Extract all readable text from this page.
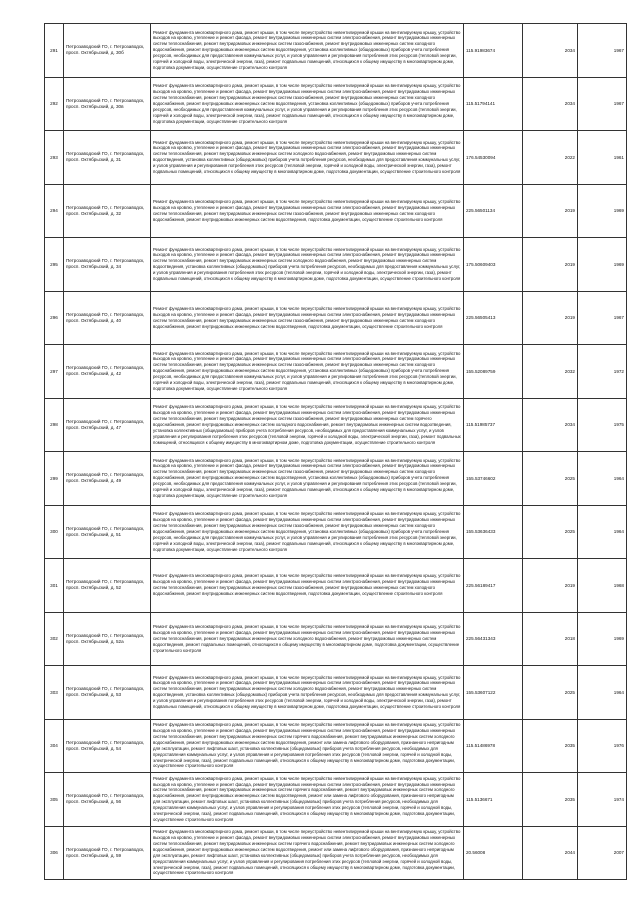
291	Петрозаводский ГО, г. Петрозаводск, просп. Октябрьский, д. 30б	Ремонт фундамента многоквартирного дома, ремонт крыши, в том числе переустройство невентилируемой крыши на вентилируемую крышу, устройство выходов на кровлю, утепление и ремонт фасада, ремонт внутридомовых инженерных систем электроснабжения, ремонт внутридомовых инженерных систем теплоснабжения, ремонт внутридомовых инженерных систем газоснабжения, ремонт внутридомовых инженерных систем холодного водоснабжения, ремонт внутридомовых инженерных систем водоотведения, установка коллективных (общедомовых) приборов учета потребления ресурсов, необходимых для предоставления коммунальных услуг, и узлов управления и регулирования потребления этих ресурсов (тепловой энергии, горячей и холодной воды, электрической энергии, газа), ремонт подвальных помещений, относящихся к общему имуществу в многоквартирном доме, подготовка документации, осуществление строительного контроля	115.91983674	2034	1967
292	Петрозаводский ГО, г. Петрозаводск, просп. Октябрьский, д. 30в	Ремонт фундамента многоквартирного дома, ремонт крыши, в том числе переустройство невентилируемой крыши на вентилируемую крышу, устройство выходов на кровлю, утепление и ремонт фасада, ремонт внутридомовых инженерных систем электроснабжения, ремонт внутридомовых инженерных систем теплоснабжения, ремонт внутридомовых инженерных систем газоснабжения, ремонт внутридомовых инженерных систем холодного водоснабжения, ремонт внутридомовых инженерных систем водоотведения, установка коллективных (общедомовых) приборов учета потребления ресурсов, необходимых для предоставления коммунальных услуг, и узлов управления и регулирования потребления этих ресурсов (тепловой энергии, горячей и холодной воды, электрической энергии, газа), ремонт подвальных помещений, относящихся к общему имуществу в многоквартирном доме, подготовка документации, осуществление строительного контроля	115.51794141	2034	1967
293	Петрозаводский ГО, г. Петрозаводск, просп. Октябрьский, д. 31	Ремонт фундамента многоквартирного дома, ремонт крыши, в том числе переустройство невентилируемой крыши на вентилируемую крышу, устройство выходов на кровлю, утепление и ремонт фасада, ремонт внутридомовых инженерных систем электроснабжения, ремонт внутридомовых инженерных систем теплоснабжения, ремонт внутридомовых инженерных систем холодного водоснабжения, ремонт внутридомовых инженерных систем водоотведения, установка коллективных (общедомовых) приборов учета потребления ресурсов, необходимых для предоставления коммунальных услуг, и узлов управления и регулирования потребления этих ресурсов (тепловой энергии, горячей и холодной воды, электрической энергии, газа), ремонт подвальных помещений, относящихся к общему имуществу в многоквартирном доме, подготовка документации, осуществление строительного контроля	176.54530094	2022	1961
294	Петрозаводский ГО, г. Петрозаводск, просп. Октябрьский, д. 32	Ремонт фундамента многоквартирного дома, ремонт крыши, в том числе переустройство невентилируемой крыши на вентилируемую крышу, устройство выходов на кровлю, утепление и ремонт фасада, ремонт внутридомовых инженерных систем электроснабжения, ремонт внутридомовых инженерных систем теплоснабжения, ремонт внутридомовых инженерных систем газоснабжения, ремонт внутридомовых инженерных систем холодного водоснабжения, ремонт внутридомовых инженерных систем водоотведения, подготовка документации, осуществление строительного контроля	225.56501134	2019	1969
295	Петрозаводский ГО, г. Петрозаводск, просп. Октябрьский, д. 34	Ремонт фундамента многоквартирного дома, ремонт крыши, в том числе переустройство невентилируемой крыши на вентилируемую крышу, устройство выходов на кровлю, утепление и ремонт фасада, ремонт внутридомовых инженерных систем электроснабжения, ремонт внутридомовых инженерных систем теплоснабжения, ремонт внутридомовых инженерных систем холодного водоснабжения, ремонт внутридомовых инженерных систем водоотведения, установка коллективных (общедомовых) приборов учета потребления ресурсов, необходимых для предоставления коммунальных услуг, и узлов управления и регулирования потребления этих ресурсов (тепловой энергии, горячей и холодной воды, электрической энергии, газа), ремонт подвальных помещений, относящихся к общему имуществу в многоквартирном доме, подготовка документации, осуществление строительного контроля	175.50609403	2019	1969
296	Петрозаводский ГО, г. Петрозаводск, просп. Октябрьский, д. 40	Ремонт фундамента многоквартирного дома, ремонт крыши, в том числе переустройство невентилируемой крыши на вентилируемую крышу, устройство выходов на кровлю, утепление и ремонт фасада, ремонт внутридомовых инженерных систем электроснабжения, ремонт внутридомовых инженерных систем теплоснабжения, ремонт внутридомовых инженерных систем газоснабжения, ремонт внутридомовых инженерных систем холодного водоснабжения, ремонт внутридомовых инженерных систем водоотведения, подготовка документации, осуществление строительного контроля	225.56505413	2019	1967
297	Петрозаводский ГО, г. Петрозаводск, просп. Октябрьский, д. 42	Ремонт фундамента многоквартирного дома, ремонт крыши, в том числе переустройство невентилируемой крыши на вентилируемую крышу, устройство выходов на кровлю, утепление и ремонт фасада, ремонт внутридомовых инженерных систем электроснабжения, ремонт внутридомовых инженерных систем теплоснабжения, ремонт внутридомовых инженерных систем газоснабжения, ремонт внутридомовых инженерных систем холодного водоснабжения, ремонт внутридомовых инженерных систем водоотведения, установка коллективных (общедомовых) приборов учета потребления ресурсов, необходимых для предоставления коммунальных услуг, и узлов управления и регулирования потребления этих ресурсов (тепловой энергии, горячей и холодной воды, электрической энергии, газа), ремонт подвальных помещений, относящихся к общему имуществу в многоквартирном доме, подготовка документации, осуществление строительного контроля	155.52089759	2032	1972
298	Петрозаводский ГО, г. Петрозаводск, просп. Октябрьский, д. 47	Ремонт фундамента многоквартирного дома, ремонт крыши, в том числе переустройство невентилируемой крыши на вентилируемую крышу, устройство выходов на кровлю, утепление и ремонт фасада, ремонт внутридомовых инженерных систем электроснабжения, ремонт внутридомовых инженерных систем теплоснабжения, ремонт внутридомовых инженерных систем газоснабжения, ремонт внутридомовых инженерных систем горячего водоснабжения, ремонт внутридомовых инженерных систем холодного водоснабжения, ремонт внутридомовых инженерных систем водоотведения, установка коллективных (общедомовых) приборов учета потребления ресурсов, необходимых для предоставления коммунальных услуг, и узлов управления и регулирования потребления этих ресурсов (тепловой энергии, горячей и холодной воды, электрической энергии, газа), ремонт подвальных помещений, относящихся к общему имуществу в многоквартирном доме, подготовка документации, осуществление строительного контроля	115.51985737	2034	1975
299	Петрозаводский ГО, г. Петрозаводск, просп. Октябрьский, д. 49	Ремонт фундамента многоквартирного дома, ремонт крыши, в том числе переустройство невентилируемой крыши на вентилируемую крышу, устройство выходов на кровлю, утепление и ремонт фасада, ремонт внутридомовых инженерных систем электроснабжения, ремонт внутридомовых инженерных систем теплоснабжения, ремонт внутридомовых инженерных систем газоснабжения, ремонт внутридомовых инженерных систем холодного водоснабжения, ремонт внутридомовых инженерных систем водоотведения, установка коллективных (общедомовых) приборов учета потребления ресурсов, необходимых для предоставления коммунальных услуг, и узлов управления и регулирования потребления этих ресурсов (тепловой энергии, горячей и холодной воды, электрической энергии, газа), ремонт подвальных помещений, относящихся к общему имуществу в многоквартирном доме, подготовка документации, осуществление строительного контроля	155.53746602	2025	1964
300	Петрозаводский ГО, г. Петрозаводск, просп. Октябрьский, д. 51	Ремонт фундамента многоквартирного дома, ремонт крыши, в том числе переустройство невентилируемой крыши на вентилируемую крышу, устройство выходов на кровлю, утепление и ремонт фасада, ремонт внутридомовых инженерных систем электроснабжения, ремонт внутридомовых инженерных систем теплоснабжения, ремонт внутридомовых инженерных систем газоснабжения, ремонт внутридомовых инженерных систем холодного водоснабжения, ремонт внутридомовых инженерных систем водоотведения, установка коллективных (общедомовых) приборов учета потребления ресурсов, необходимых для предоставления коммунальных услуг, и узлов управления и регулирования потребления этих ресурсов (тепловой энергии, горячей и холодной воды, электрической энергии, газа), ремонт подвальных помещений, относящихся к общему имуществу в многоквартирном доме, подготовка документации, осуществление строительного контроля	155.53636433	2025	1964
301	Петрозаводский ГО, г. Петрозаводск, просп. Октябрьский, д. 52	Ремонт фундамента многоквартирного дома, ремонт крыши, в том числе переустройство невентилируемой крыши на вентилируемую крышу, устройство выходов на кровлю, утепление и ремонт фасада, ремонт внутридомовых инженерных систем электроснабжения, ремонт внутридомовых инженерных систем теплоснабжения, ремонт внутридомовых инженерных систем газоснабжения, ремонт внутридомовых инженерных систем холодного водоснабжения, ремонт внутридомовых инженерных систем водоотведения, подготовка документации, осуществление строительного контроля	225.56189417	2019	1968
302	Петрозаводский ГО, г. Петрозаводск, просп. Октябрьский, д. 52а	Ремонт фундамента многоквартирного дома, ремонт крыши, в том числе переустройство невентилируемой крыши на вентилируемую крышу, устройство выходов на кровлю, утепление и ремонт фасада, ремонт внутридомовых инженерных систем электроснабжения, ремонт внутридомовых инженерных систем теплоснабжения, ремонт внутридомовых инженерных систем холодного водоснабжения, ремонт внутридомовых инженерных систем водоотведения, ремонт подвальных помещений, относящихся к общему имуществу в многоквартирном доме, подготовка документации, осуществление строительного контроля	225.56431343	2018	1969
303	Петрозаводский ГО, г. Петрозаводск, просп. Октябрьский, д. 53	Ремонт фундамента многоквартирного дома, ремонт крыши, в том числе переустройство невентилируемой крыши на вентилируемую крышу, устройство выходов на кровлю, утепление и ремонт фасада, ремонт внутридомовых инженерных систем электроснабжения, ремонт внутридомовых инженерных систем теплоснабжения, ремонт внутридомовых инженерных систем холодного водоснабжения, ремонт внутридомовых инженерных систем водоотведения, установка коллективных (общедомовых) приборов учета потребления ресурсов, необходимых для предоставления коммунальных услуг, и узлов управления и регулирования потребления этих ресурсов (тепловой энергии, горячей и холодной воды, электрической энергии, газа), ремонт подвальных помещений, относящихся к общему имуществу в многоквартирном доме, подготовка документации, осуществление строительного контроля	155.53607122	2025	1964
304	Петрозаводский ГО, г. Петрозаводск, просп. Октябрьский, д. 54	Ремонт фундамента многоквартирного дома, ремонт крыши, в том числе переустройство невентилируемой крыши на вентилируемую крышу, устройство выходов на кровлю, утепление и ремонт фасада, ремонт внутридомовых инженерных систем электроснабжения, ремонт внутридомовых инженерных систем теплоснабжения, ремонт внутридомовых инженерных систем горячего водоснабжения, ремонт внутридомовых инженерных систем холодного водоснабжения, ремонт внутридомовых инженерных систем водоотведения, ремонт или замена лифтового оборудования, признанного непригодным для эксплуатации, ремонт лифтовых шахт, установка коллективных (общедомовых) приборов учета потребления ресурсов, необходимых для предоставления коммунальных услуг, и узлов управления и регулирования потребления этих ресурсов (тепловой энергии, горячей и холодной воды, электрической энергии, газа), ремонт подвальных помещений, относящихся к общему имуществу в многоквартирном доме, подготовка документации, осуществление строительного контроля	115.51486978	2035	1976
305	Петрозаводский ГО, г. Петрозаводск, просп. Октябрьский, д. 56	Ремонт фундамента многоквартирного дома, ремонт крыши, в том числе переустройство невентилируемой крыши на вентилируемую крышу, устройство выходов на кровлю, утепление и ремонт фасада, ремонт внутридомовых инженерных систем электроснабжения, ремонт внутридомовых инженерных систем теплоснабжения, ремонт внутридомовых инженерных систем горячего водоснабжения, ремонт внутридомовых инженерных систем холодного водоснабжения, ремонт внутридомовых инженерных систем водоотведения, ремонт или замена лифтового оборудования, признанного непригодным для эксплуатации, ремонт лифтовых шахт, установка коллективных (общедомовых) приборов учета потребления ресурсов, необходимых для предоставления коммунальных услуг, и узлов управления и регулирования потребления этих ресурсов (тепловой энергии, горячей и холодной воды, электрической энергии, газа), ремонт подвальных помещений, относящихся к общему имуществу в многоквартирном доме, подготовка документации, осуществление строительного контроля	115.5136671	2035	1974
306	Петрозаводский ГО, г. Петрозаводск, просп. Октябрьский, д. 59	Ремонт фундамента многоквартирного дома, ремонт крыши, в том числе переустройство невентилируемой крыши на вентилируемую крышу, устройство выходов на кровлю, утепление и ремонт фасада, ремонт внутридомовых инженерных систем электроснабжения, ремонт внутридомовых инженерных систем теплоснабжения, ремонт внутридомовых инженерных систем горячего водоснабжения, ремонт внутридомовых инженерных систем холодного водоснабжения, ремонт внутридомовых инженерных систем водоотведения, ремонт или замена лифтового оборудования, признанного непригодным для эксплуатации, ремонт лифтовых шахт, установка коллективных (общедомовых) приборов учета потребления ресурсов, необходимых для предоставления коммунальных услуг, и узлов управления и регулирования потребления этих ресурсов (тепловой энергии, горячей и холодной воды, электрической энергии, газа), ремонт подвальных помещений, относящихся к общему имуществу в многоквартирном доме, подготовка документации, осуществление строительного контроля	20.56008	2044	2007
